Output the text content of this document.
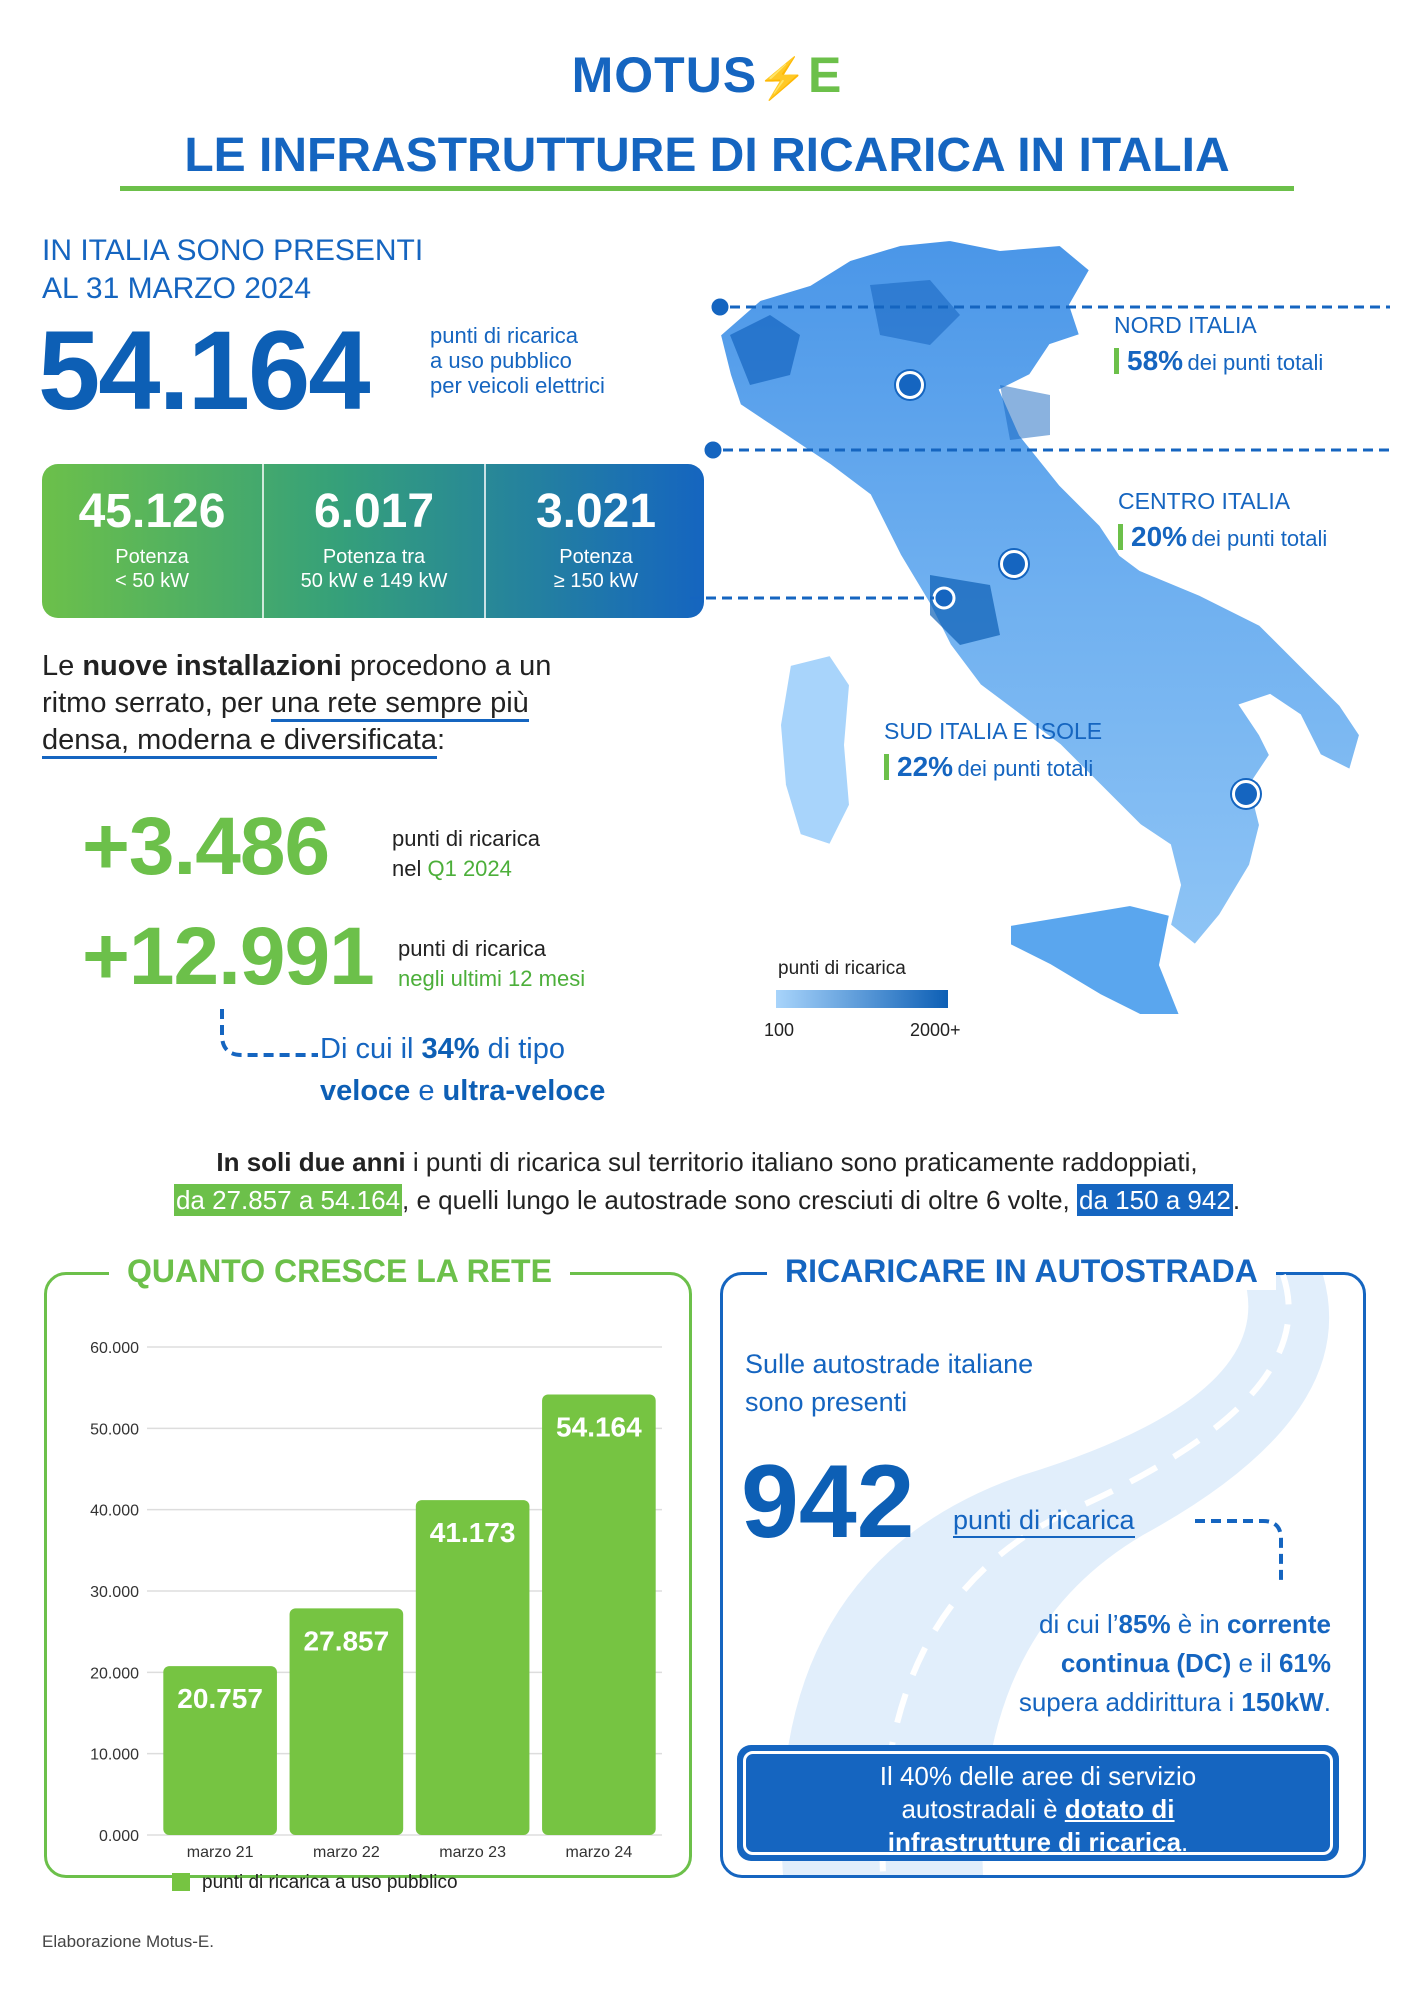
MOTUS⚡E
LE INFRASTRUTTURE DI RICARICA IN ITALIA
IN ITALIA SONO PRESENTI
AL 31 MARZO 2024
54.164	punti di ricarica
a uso pubblico
per veicoli elettrici
45.126
Potenza
< 50 kW
6.017
Potenza tra
50 kW e 149 kW
3.021
Potenza
≥ 150 kW
Le nuove installazioni procedono a un ritmo serrato, per una rete sempre più densa, moderna e diversificata:
+3.486	punti di ricarica
nel Q1 2024
+12.991 punti di ricarica
negli ultimi 12 mesi
Di cui il 34% di tipo
veloce e ultra-veloce
NORD ITALIA
58% dei punti totali
CENTRO ITALIA
20% dei punti totali
SUD ITALIA E ISOLE
22% dei punti totali
punti di ricarica
100	2000+
In soli due anni i punti di ricarica sul territorio italiano sono praticamente raddoppiati,
da 27.857 a 54.164, e quelli lungo le autostrade sono cresciuti di oltre 6 volte, da 150 a 942.
QUANTO CRESCE LA RETE
0.000
10.000
20.000
30.000
40.000
50.000
60.000
20.757
marzo 21
27.857
marzo 22
41.173
marzo 23
54.164
marzo 24
punti di ricarica a uso pubblico
RICARICARE IN AUTOSTRADA
Sulle autostrade italiane
sono presenti
942 punti di ricarica
di cui l’85% è in corrente
continua (DC) e il 61%
supera addirittura i 150kW.
Il 40% delle aree di servizio
autostradali è dotato di
infrastrutture di ricarica.
Elaborazione Motus-E.
